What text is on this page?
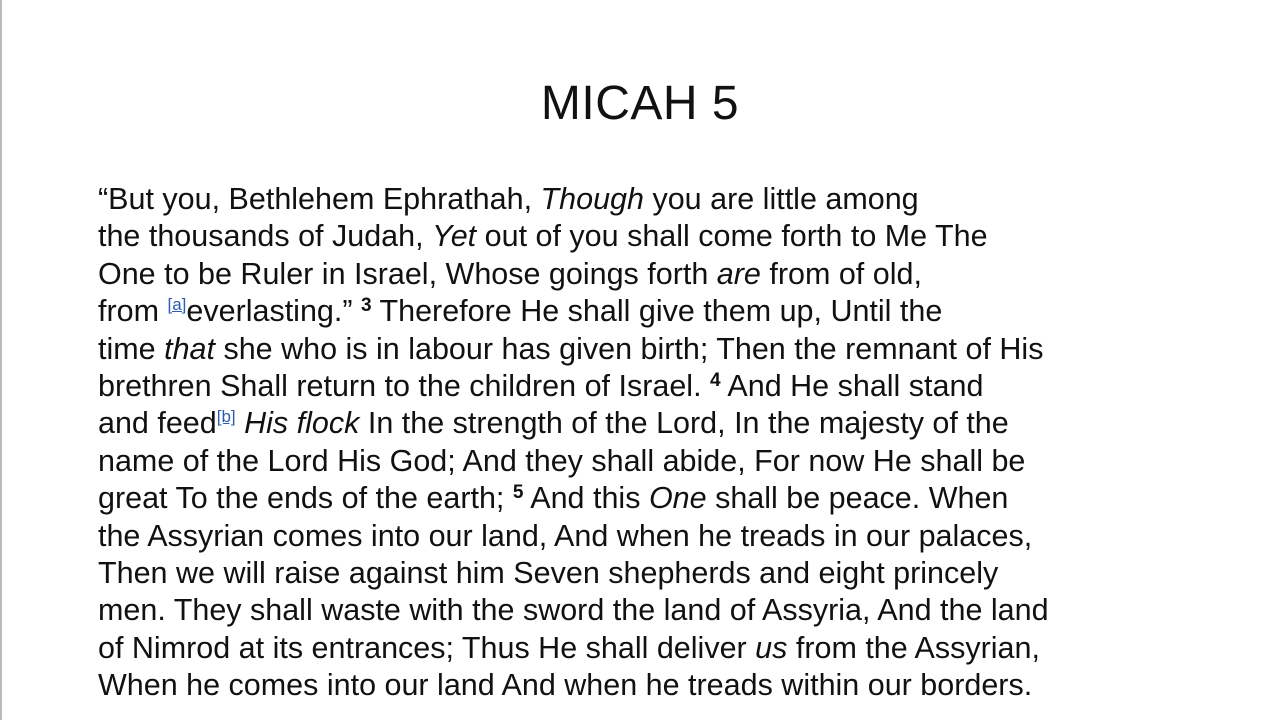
MICAH 5
“But you, Bethlehem Ephrathah, Though you are little among
the thousands of Judah, Yet out of you shall come forth to Me The
One to be Ruler in Israel, Whose goings forth are from of old,
from [a]everlasting.” $^3$ Therefore He shall give them up, Until the
time that she who is in labour has given birth; Then the remnant of His
brethren Shall return to the children of Israel. $^4$ And He shall stand
and feed[b] His flock In the strength of the Lord, In the majesty of the
name of the Lord His God; And they shall abide, For now He shall be
great To the ends of the earth; $^5$ And this One shall be peace. When
the Assyrian comes into our land, And when he treads in our palaces,
Then we will raise against him Seven shepherds and eight princely
men. They shall waste with the sword the land of Assyria, And the land
of Nimrod at its entrances; Thus He shall deliver us from the Assyrian,
When he comes into our land And when he treads within our borders.
